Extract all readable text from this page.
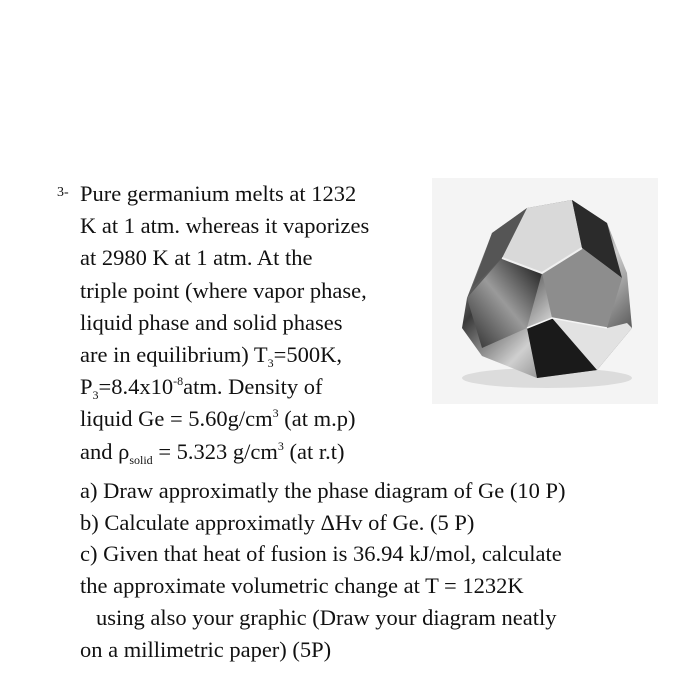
3- Pure germanium melts at 1232
K at 1 atm. whereas it vaporizes
at 2980 K at 1 atm. At the
triple point (where vapor phase,
liquid phase and solid phases
are in equilibrium) $T_3=500K$,
$P_3=8.4x10^{-8}atm$. Density of
liquid $Ge = 5.60g/cm^3$ (at m.p)
and $\rho_{solid} = 5.323$ $g/cm^3$ (at r.t)
a) Draw approximatly the phase diagram of Ge (10 P)
b) Calculate approximatly ΔHv of Ge. (5 P)
c) Given that heat of fusion is 36.94 kJ/mol, calculate
the approximate volumetric change at T = 1232K
using also your graphic (Draw your diagram neatly
on a millimetric paper) (5P)
